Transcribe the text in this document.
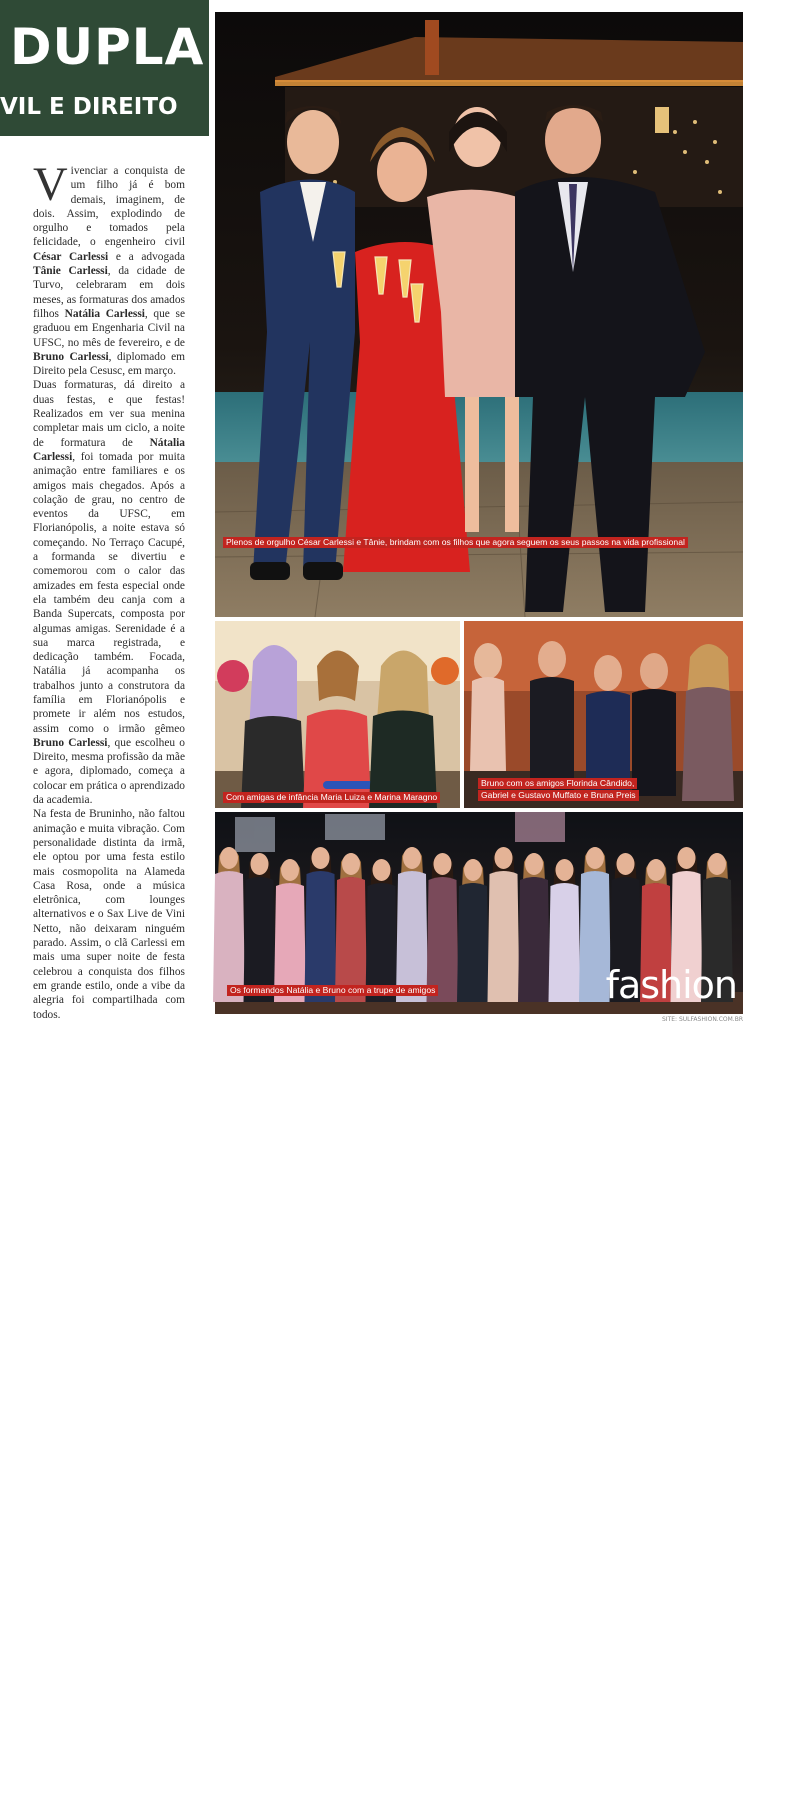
DUPLA
VIL E DIREITO
V ivenciar a conquista de um filho já é bom demais, imaginem, de dois. Assim, explodindo de orgulho e tomados pela felicidade, o engenheiro civil César Carlessi e a advogada Tânie Carlessi, da cidade de Turvo, celebraram em dois meses, as formaturas dos amados filhos Natália Carlessi, que se graduou em Engenharia Civil na UFSC, no mês de fevereiro, e de Bruno Carlessi, diplomado em Direito pela Cesusc, em março.

Duas formaturas, dá direito a duas festas, e que festas! Realizados em ver sua menina completar mais um ciclo, a noite de formatura de Nátalia Carlessi, foi tomada por muita animação entre familiares e os amigos mais chegados. Após a colação de grau, no centro de eventos da UFSC, em Florianópolis, a noite estava só começando. No Terraço Cacupé, a formanda se divertiu e comemorou com o calor das amizades em festa especial onde ela também deu canja com a Banda Supercats, composta por algumas amigas. Serenidade é a sua marca registrada, e dedicação também. Focada, Natália já acompanha os trabalhos junto a construtora da família em Florianópolis e promete ir além nos estudos, assim como o irmão gêmeo Bruno Carlessi, que escolheu o Direito, mesma profissão da mãe e agora, diplomado, começa a colocar em prática o aprendizado da academia.

Na festa de Bruninho, não faltou animação e muita vibração. Com personalidade distinta da irmã, ele optou por uma festa estilo mais cosmopolita na Alameda Casa Rosa, onde a música eletrônica, com lounges alternativos e o Sax Live de Vini Netto, não deixaram ninguém parado. Assim, o clã Carlessi em mais uma super noite de festa celebrou a conquista dos filhos em grande estilo, onde a vibe da alegria foi compartilhada com todos.

Plenos de orgulho César Carlessi e Tânie, brindam com os filhos que agora seguem os seus passos na vida profissional
Com amigas de infância Maria Luiza e Marina Maragno
Bruno com os amigos Florinda Cândido,
Gabriel e Gustavo Muffato e Bruna Preis
Os formandos Natália e Bruno com a trupe de amigos
SUL
fashion
SITE: SULFASHION.COM.BR
